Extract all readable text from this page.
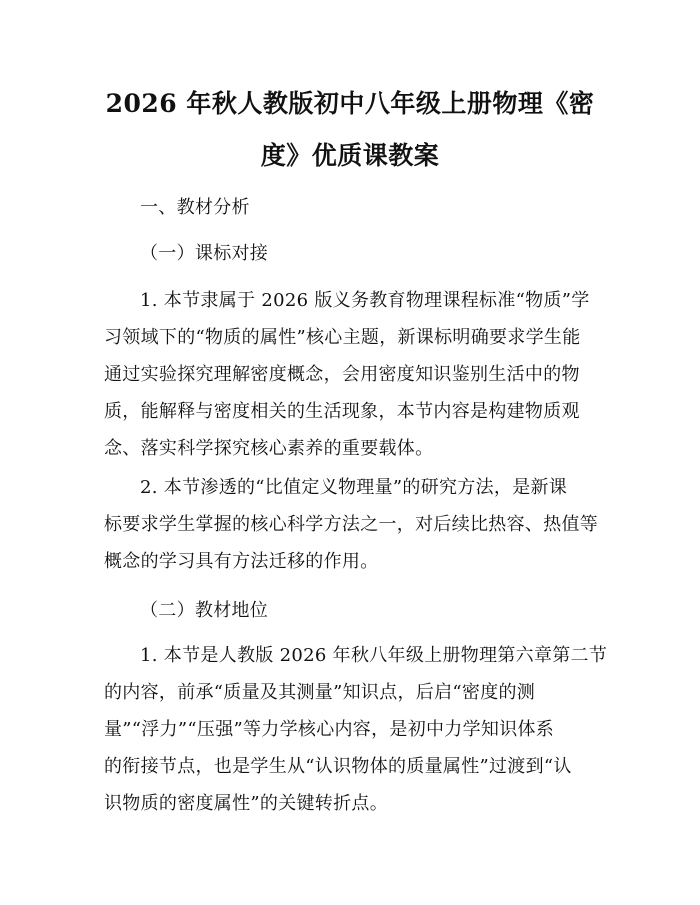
2026 年秋人教版初中八年级上册物理《密
度》优质课教案
一、教材分析
（一）课标对接
1. 本节隶属于 2026 版义务教育物理课程标准“物质”学
习领域下的“物质的属性”核心主题，新课标明确要求学生能
通过实验探究理解密度概念，会用密度知识鉴别生活中的物
质，能解释与密度相关的生活现象，本节内容是构建物质观
念、落实科学探究核心素养的重要载体。
2. 本节渗透的“比值定义物理量”的研究方法，是新课
标要求学生掌握的核心科学方法之一，对后续比热容、热值等
概念的学习具有方法迁移的作用。
（二）教材地位
1. 本节是人教版 2026 年秋八年级上册物理第六章第二节
的内容，前承“质量及其测量”知识点，后启“密度的测
量”“浮力”“压强”等力学核心内容，是初中力学知识体系
的衔接节点，也是学生从“认识物体的质量属性”过渡到“认
识物质的密度属性”的关键转折点。
